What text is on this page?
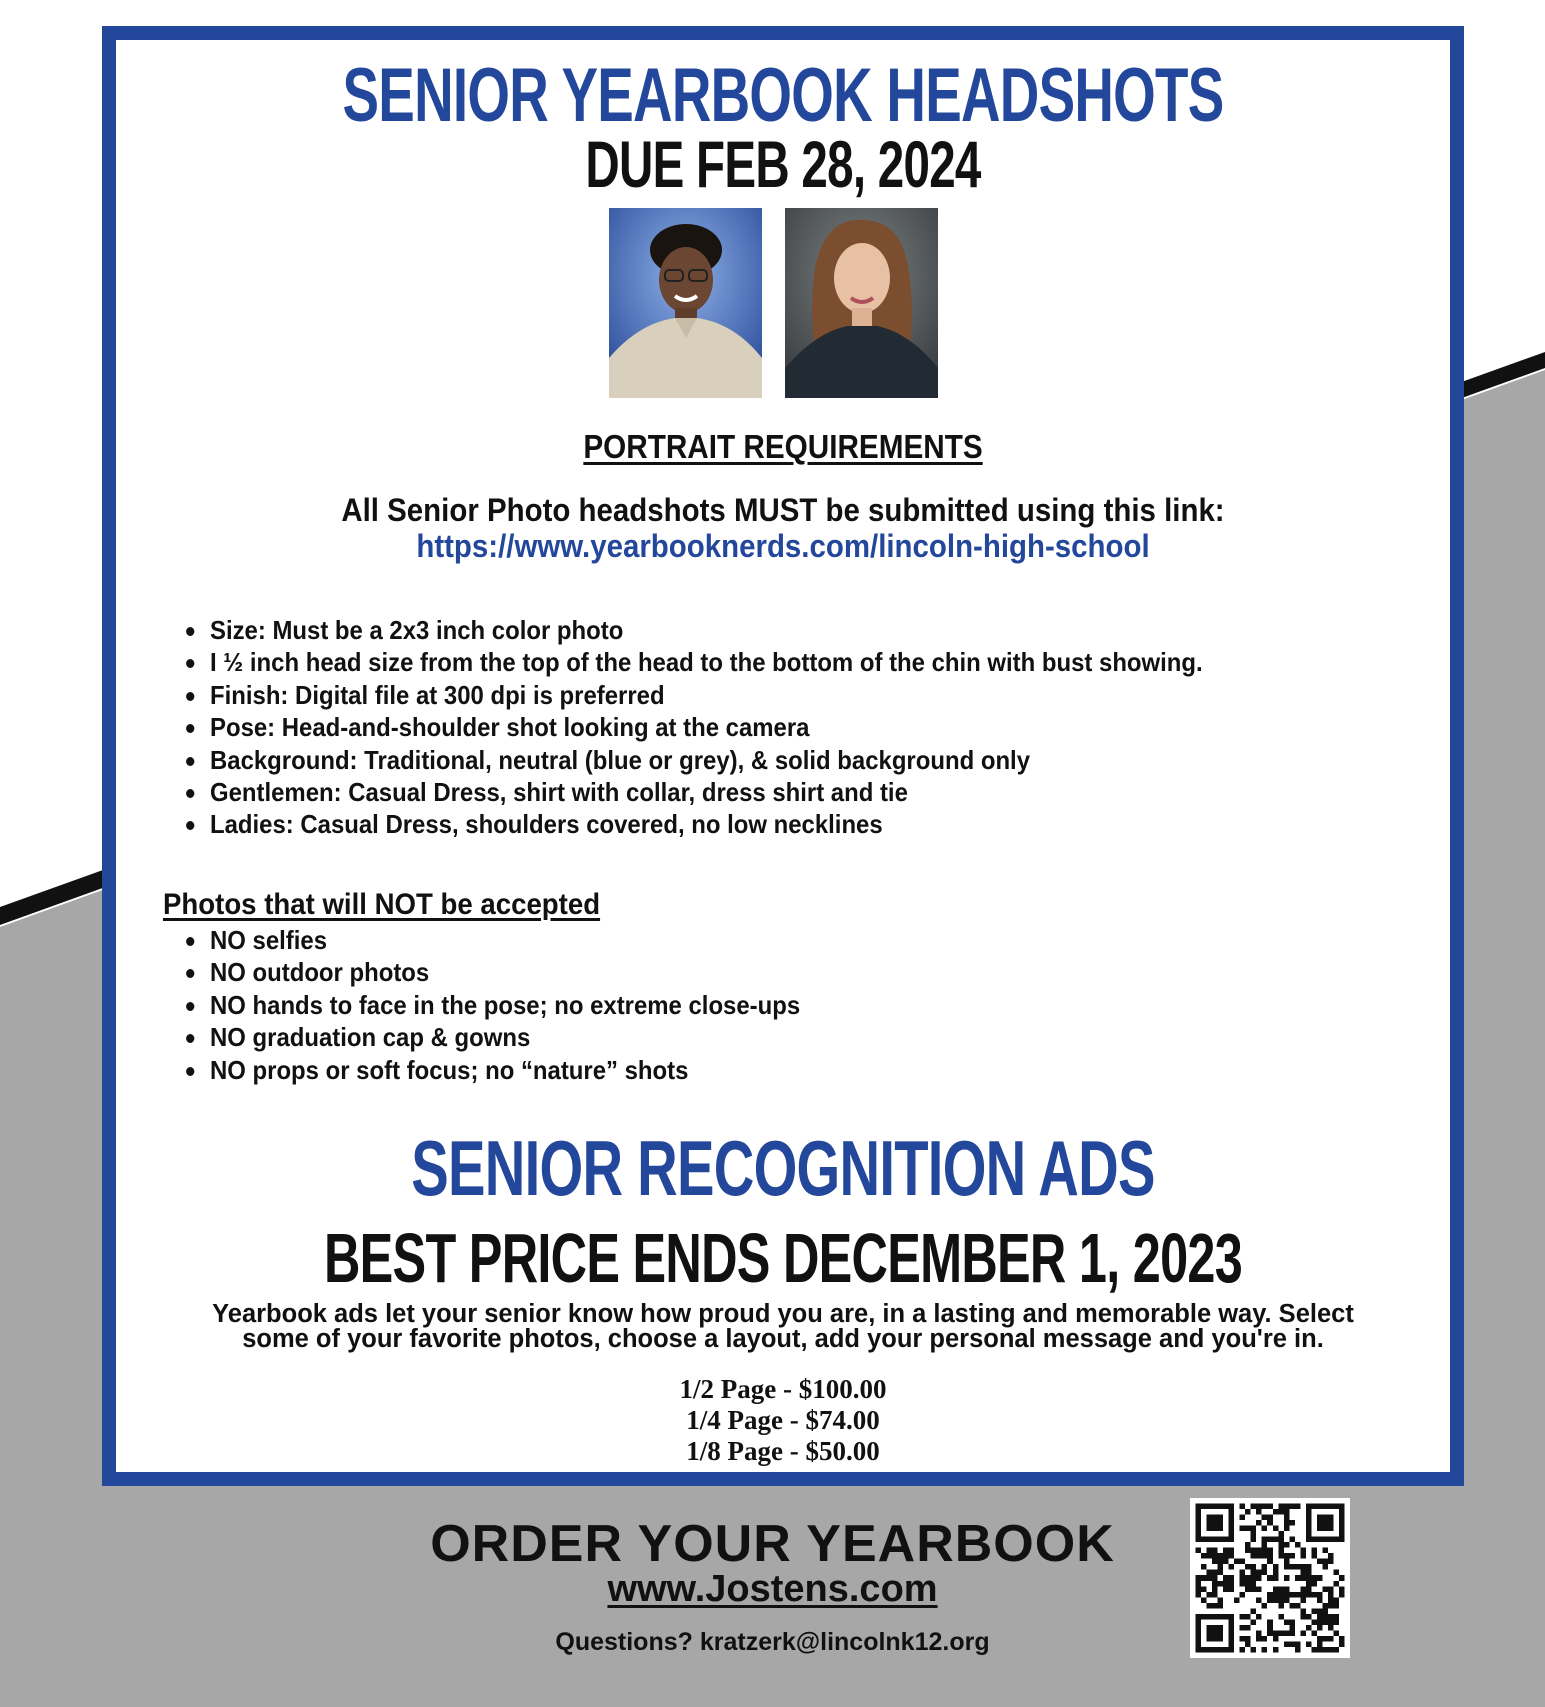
SENIOR YEARBOOK HEADSHOTS
DUE FEB 28, 2024
PORTRAIT REQUIREMENTS
All Senior Photo headshots MUST be submitted using this link:
https://www.yearbooknerds.com/lincoln-high-school
Size: Must be a 2x3 inch color photo
I ½ inch head size from the top of the head to the bottom of the chin with bust showing.
Finish: Digital file at 300 dpi is preferred
Pose: Head-and-shoulder shot looking at the camera
Background: Traditional, neutral (blue or grey), & solid background only
Gentlemen: Casual Dress, shirt with collar, dress shirt and tie
Ladies: Casual Dress, shoulders covered, no low necklines
Photos that will NOT be accepted
NO selfies
NO outdoor photos
NO hands to face in the pose; no extreme close-ups
NO graduation cap & gowns
NO props or soft focus; no “nature” shots
SENIOR RECOGNITION ADS
BEST PRICE ENDS DECEMBER 1, 2023
Yearbook ads let your senior know how proud you are, in a lasting and memorable way. Select some of your favorite photos, choose a layout, add your personal message and you're in.
1/2 Page - $100.00
1/4 Page - $74.00
1/8 Page - $50.00
ORDER YOUR YEARBOOK
www.Jostens.com
Questions? kratzerk@lincolnk12.org
